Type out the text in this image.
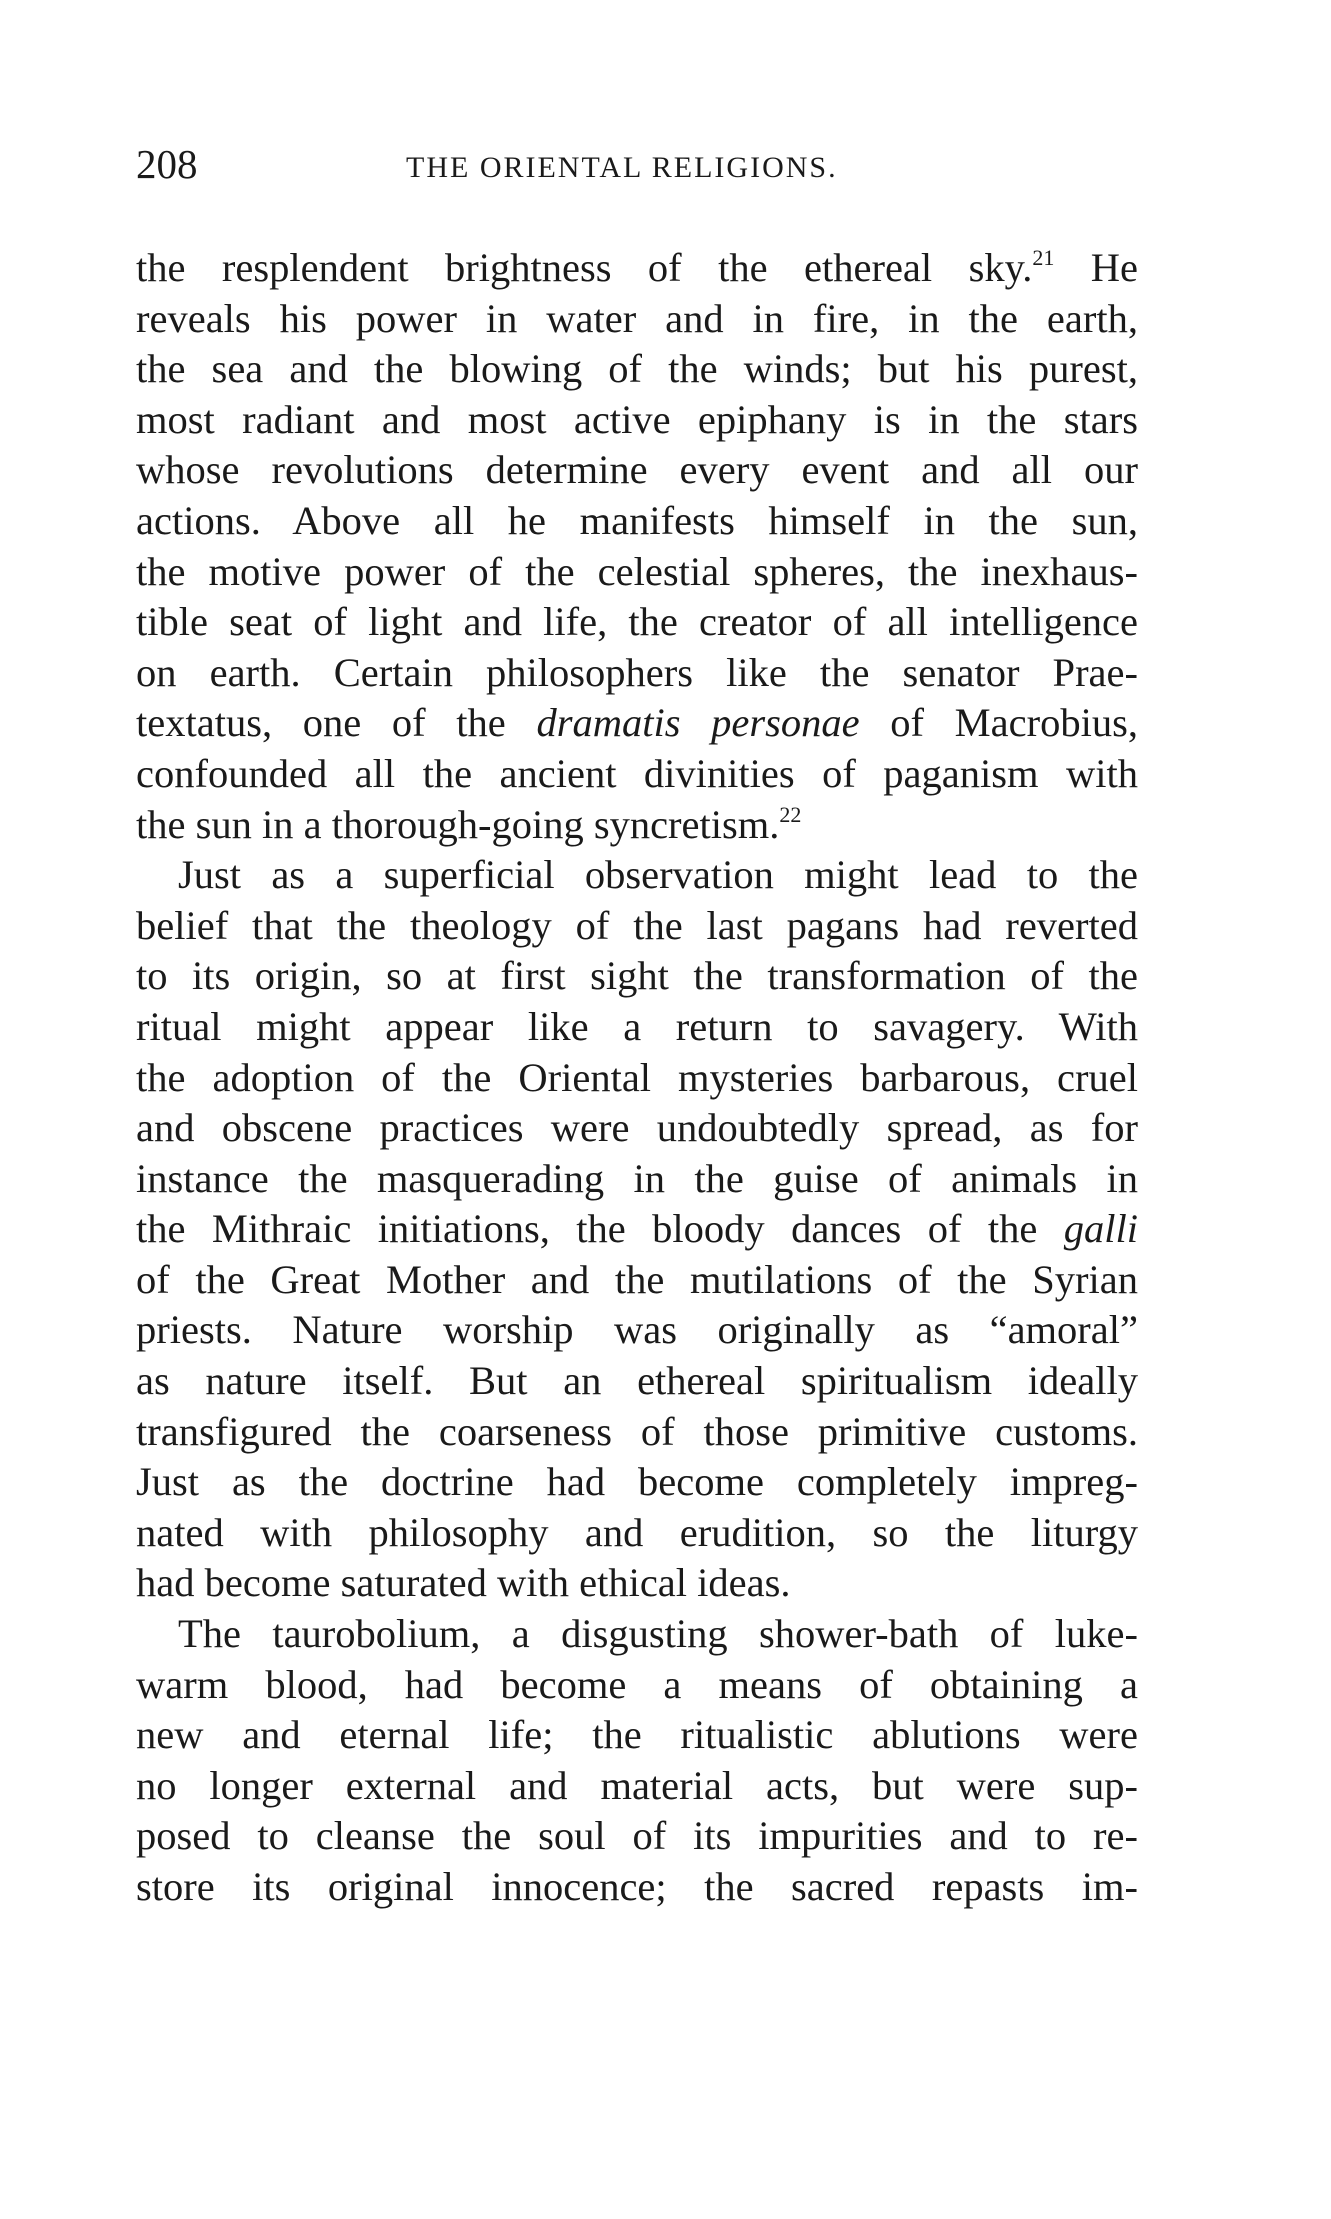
208	THE ORIENTAL RELIGIONS.
the resplendent brightness of the ethereal sky.$^{21}$ He
reveals his power in water and in fire, in the earth,
the sea and the blowing of the winds; but his purest,
most radiant and most active epiphany is in the stars
whose revolutions determine every event and all our
actions. Above all he manifests himself in the sun,
the motive power of the celestial spheres, the inexhaus-
tible seat of light and life, the creator of all intelligence
on earth. Certain philosophers like the senator Prae-
textatus, one of the dramatis personae of Macrobius,
confounded all the ancient divinities of paganism with
the sun in a thorough-going syncretism.$^{22}$
Just as a superficial observation might lead to the
belief that the theology of the last pagans had reverted
to its origin, so at first sight the transformation of the
ritual might appear like a return to savagery. With
the adoption of the Oriental mysteries barbarous, cruel
and obscene practices were undoubtedly spread, as for
instance the masquerading in the guise of animals in
the Mithraic initiations, the bloody dances of the galli
of the Great Mother and the mutilations of the Syrian
priests. Nature worship was originally as “amoral”
as nature itself. But an ethereal spiritualism ideally
transfigured the coarseness of those primitive customs.
Just as the doctrine had become completely impreg-
nated with philosophy and erudition, so the liturgy
had become saturated with ethical ideas.
The taurobolium, a disgusting shower-bath of luke-
warm blood, had become a means of obtaining a
new and eternal life; the ritualistic ablutions were
no longer external and material acts, but were sup-
posed to cleanse the soul of its impurities and to re-
store its original innocence; the sacred repasts im-
